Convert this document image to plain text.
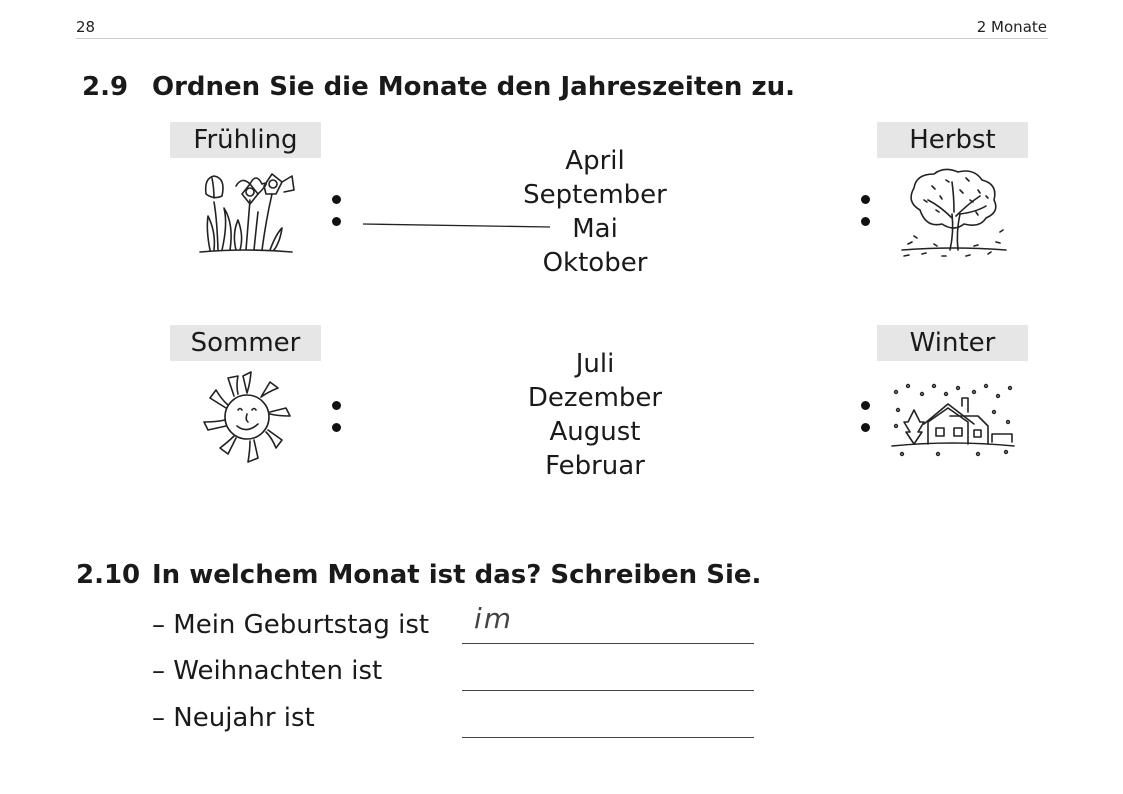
28	2 Monate
2.9 Ordnen Sie die Monate den Jahreszeiten zu.
Frühling	Herbst
Sommer	Winter
April
September
Mai
Oktober
Juli
Dezember
August
Februar
2.10 In welchem Monat ist das? Schreiben Sie.
– Mein Geburtstag ist im
– Weihnachten ist
– Neujahr ist
